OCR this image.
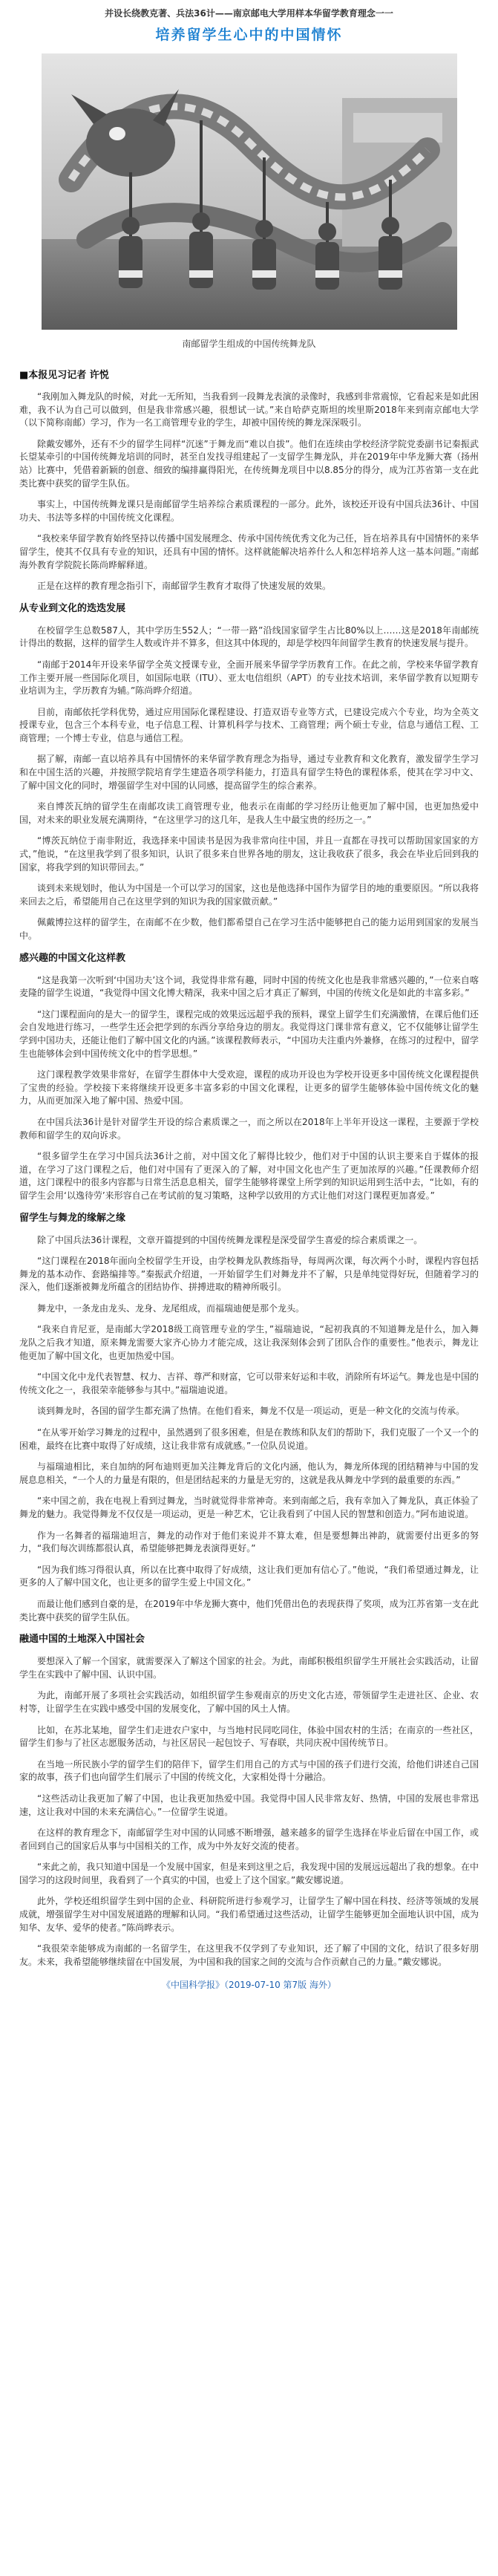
并设长绕教克著、兵法36计——南京邮电大学用样本华留学教育理念一一
培养留学生心中的中国情怀
南邮留学生组成的中国传统舞龙队
■本报见习记者 许悦

“我刚加入舞龙队的时候，对此一无所知，当我看到一段舞龙表演的录像时，我感到非常震惊，它看起来是如此困难，我不认为自己可以做到，但是我非常感兴趣，很想试一试。”来自哈萨克斯坦的埃里斯2018年来到南京邮电大学（以下简称南邮）学习，作为一名工商管理专业的学生，却被中国传统的舞龙深深吸引。

除戴安娜外，还有不少的留学生同样“沉迷”于舞龙而“难以自拔”。他们在连续由学校经济学院党委副书记秦振武长望某牵引的中国传统舞龙培训的同时，甚至自发找寻组建起了一支留学生舞龙队，并在2019年中华龙狮大赛（扬州站）比赛中，凭借着新颖的创意、细致的编排赢得阳光，在传统舞龙项目中以8.85分的得分，成为江苏省第一支在此类比赛中获奖的留学生队伍。

事实上，中国传统舞龙课只是南邮留学生培养综合素质课程的一部分。此外，该校还开设有中国兵法36计、中国功夫、书法等多样的中国传统文化课程。

“我校来华留学教育始终坚持以传播中国发展理念、传承中国传统优秀文化为己任，旨在培养具有中国情怀的来华留学生，使其不仅具有专业的知识，还具有中国的情怀。这样就能解决培养什么人和怎样培养人这一基本问题。”南邮海外教育学院院长陈尚晔解释道。

正是在这样的教育理念指引下，南邮留学生教育才取得了快速发展的效果。

从专业到文化的迭迭发展

在校留学生总数587人，其中学历生552人；“一带一路”沿线国家留学生占比80%以上……这是2018年南邮统计得出的数据，这样的留学生人数或许并不算多，但这其中体现的，却是学校四年间留学生教育的快速发展与提升。

“南邮于2014年开设来华留学全英文授课专业，全面开展来华留学学历教育工作。在此之前，学校来华留学教育工作主要开展一些国际化项目，如国际电联（ITU）、亚太电信组织（APT）的专业技术培训，来华留学教育以短期专业培训为主，学历教育为辅。”陈尚晔介绍道。

目前，南邮依托学科优势，通过应用国际化课程建设、打造双语专业等方式，已建设完成六个专业，均为全英文授课专业，包含三个本科专业，电子信息工程、计算机科学与技术、工商管理；两个硕士专业，信息与通信工程、工商管理；一个博士专业，信息与通信工程。

据了解，南邮一直以培养具有中国情怀的来华留学教育理念为指导，通过专业教育和文化教育，激发留学生学习和在中国生活的兴趣，并按照学院培育学生建造各项学科能力，打造具有留学生特色的课程体系，使其在学习中文、了解中国文化的同时，增强留学生对中国的认同感，提高留学生的综合素养。

来自博茨瓦纳的留学生在南邮攻读工商管理专业，他表示在南邮的学习经历让他更加了解中国，也更加热爱中国，对未来的职业发展充满期待，“在这里学习的这几年，是我人生中最宝贵的经历之一。”

“博茨瓦纳位于南非附近，我选择来中国读书是因为我非常向往中国，并且一直都在寻找可以帮助国家国家的方式，”他说，“在这里我学到了很多知识，认识了很多来自世界各地的朋友，这让我收获了很多，我会在毕业后回到我的国家，将我学到的知识带回去。”

谈到未来规划时，他认为中国是一个可以学习的国家，这也是他选择中国作为留学目的地的重要原因。“所以我将来回去之后，希望能用自己在这里学到的知识为我的国家做贡献。”

佩戴博拉这样的留学生，在南邮不在少数，他们都希望自己在学习生活中能够把自己的能力运用到国家的发展当中。

感兴趣的中国文化这样教

“这是我第一次听到‘中国功夫’这个词，我觉得非常有趣，同时中国的传统文化也是我非常感兴趣的，”一位来自喀麦隆的留学生说道，“我觉得中国文化博大精深，我来中国之后才真正了解到，中国的传统文化是如此的丰富多彩。”

“这门课程面向的是大一的留学生，课程完成的效果远远超乎我的预料，课堂上留学生们充满激情，在课后他们还会自发地进行练习，一些学生还会把学到的东西分享给身边的朋友。我觉得这门课非常有意义，它不仅能够让留学生学到中国功夫，还能让他们了解中国文化的内涵。”该课程教师表示，“中国功夫注重内外兼修，在练习的过程中，留学生也能够体会到中国传统文化中的哲学思想。”

这门课程教学效果非常好，在留学生群体中大受欢迎，课程的成功开设也为学校开设更多中国传统文化课程提供了宝贵的经验。学校接下来将继续开设更多丰富多彩的中国文化课程，让更多的留学生能够体验中国传统文化的魅力，从而更加深入地了解中国、热爱中国。

在中国兵法36计是针对留学生开设的综合素质课之一，而之所以在2018年上半年开设这一课程，主要源于学校教师和留学生的双向诉求。

“很多留学生在学习中国兵法36计之前，对中国文化了解得比较少，他们对于中国的认识主要来自于媒体的报道，在学习了这门课程之后，他们对中国有了更深入的了解，对中国文化也产生了更加浓厚的兴趣。”任课教师介绍道，这门课程中的很多内容都与日常生活息息相关，留学生能够将课堂上所学到的知识运用到生活中去，“比如，有的留学生会用‘以逸待劳’来形容自己在考试前的复习策略，这种学以致用的方式让他们对这门课程更加喜爱。”

留学生与舞龙的缘解之缘

除了中国兵法36计课程，文章开篇提到的中国传统舞龙课程是深受留学生喜爱的综合素质课之一。

“这门课程在2018年面向全校留学生开设，由学校舞龙队教练指导，每周两次课，每次两个小时，课程内容包括舞龙的基本动作、套路编排等。”秦振武介绍道，一开始留学生们对舞龙并不了解，只是单纯觉得好玩，但随着学习的深入，他们逐渐被舞龙所蕴含的团结协作、拼搏进取的精神所吸引。

舞龙中，一条龙由龙头、龙身、龙尾组成，而福瑞迪便是那个龙头。

“我来自肯尼亚，是南邮大学2018级工商管理专业的学生，”福瑞迪说，“起初我真的不知道舞龙是什么，加入舞龙队之后我才知道，原来舞龙需要大家齐心协力才能完成，这让我深刻体会到了团队合作的重要性。”他表示，舞龙让他更加了解中国文化，也更加热爱中国。

“中国文化中龙代表智慧、权力、吉祥、尊严和财富，它可以带来好运和丰收，消除所有坏运气。舞龙也是中国的传统文化之一，我很荣幸能够参与其中。”福瑞迪说道。

谈到舞龙时，各国的留学生都充满了热情。在他们看来，舞龙不仅是一项运动，更是一种文化的交流与传承。

“在从零开始学习舞龙的过程中，虽然遇到了很多困难，但是在教练和队友们的帮助下，我们克服了一个又一个的困难，最终在比赛中取得了好成绩，这让我非常有成就感。”一位队员说道。

与福瑞迪相比，来自加纳的阿布迪则更加关注舞龙背后的文化内涵，他认为，舞龙所体现的团结精神与中国的发展息息相关，“一个人的力量是有限的，但是团结起来的力量是无穷的，这就是我从舞龙中学到的最重要的东西。”

“来中国之前，我在电视上看到过舞龙，当时就觉得非常神奇。来到南邮之后，我有幸加入了舞龙队，真正体验了舞龙的魅力。我觉得舞龙不仅仅是一项运动，更是一种艺术，它让我看到了中国人民的智慧和创造力。”阿布迪说道。

作为一名舞者的福瑞迪坦言，舞龙的动作对于他们来说并不算太难，但是要想舞出神韵，就需要付出更多的努力，“我们每次训练都很认真，希望能够把舞龙表演得更好。”

“因为我们练习得很认真，所以在比赛中取得了好成绩，这让我们更加有信心了。”他说，“我们希望通过舞龙，让更多的人了解中国文化，也让更多的留学生爱上中国文化。”

而最让他们感到自豪的是，在2019年中华龙狮大赛中，他们凭借出色的表现获得了奖项，成为江苏省第一支在此类比赛中获奖的留学生队伍。

融通中国的土地深入中国社会

要想深入了解一个国家，就需要深入了解这个国家的社会。为此，南邮积极组织留学生开展社会实践活动，让留学生在实践中了解中国、认识中国。

为此，南邮开展了多项社会实践活动，如组织留学生参观南京的历史文化古迹，带领留学生走进社区、企业、农村等，让留学生在实践中感受中国的发展变化，了解中国的风土人情。

比如，在苏北某地，留学生们走进农户家中，与当地村民同吃同住，体验中国农村的生活；在南京的一些社区，留学生们参与了社区志愿服务活动，与社区居民一起包饺子、写春联，共同庆祝中国传统节日。

在当地一所民族小学的留学生们的陪伴下，留学生们用自己的方式与中国的孩子们进行交流，给他们讲述自己国家的故事，孩子们也向留学生们展示了中国的传统文化，大家相处得十分融洽。

“这些活动让我更加了解了中国，也让我更加热爱中国。我觉得中国人民非常友好、热情，中国的发展也非常迅速，这让我对中国的未来充满信心。”一位留学生说道。

在这样的教育理念下，南邮留学生对中国的认同感不断增强，越来越多的留学生选择在毕业后留在中国工作，或者回到自己的国家后从事与中国相关的工作，成为中外友好交流的使者。

“来此之前，我只知道中国是一个发展中国家，但是来到这里之后，我发现中国的发展远远超出了我的想象。在中国学习的这段时间里，我看到了一个真实的中国，也爱上了这个国家。”戴安娜说道。

此外，学校还组织留学生到中国的企业、科研院所进行参观学习，让留学生了解中国在科技、经济等领域的发展成就，增强留学生对中国发展道路的理解和认同。“我们希望通过这些活动，让留学生能够更加全面地认识中国，成为知华、友华、爱华的使者。”陈尚晔表示。

“我很荣幸能够成为南邮的一名留学生，在这里我不仅学到了专业知识，还了解了中国的文化，结识了很多好朋友。未来，我希望能够继续留在中国发展，为中国和我的国家之间的交流与合作贡献自己的力量。”戴安娜说。

《中国科学报》（2019-07-10 第7版 海外）
